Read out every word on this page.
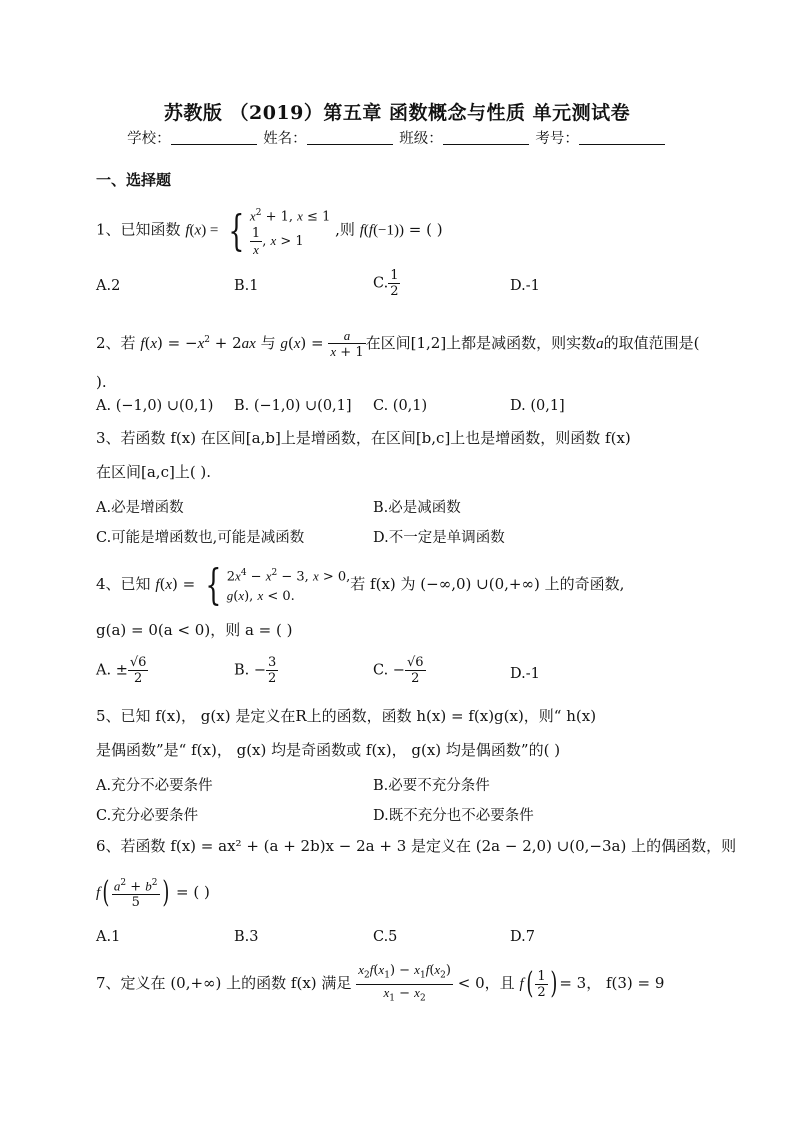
苏教版 （2019）第五章 函数概念与性质 单元测试卷
学校：	姓名：	班级：	考号：
一、选择题
1、已知函数 f(x) = { $x^2 + 1$, x ≤ 1
$\frac{1}{x}$ , x > 1
,则 f(f(−1)) = ( )
A.2	B.1	C. $\frac{1}{2}$	D.-1
2、若 $f(x) = -x^2 + 2ax$ 与 $g(x) = \frac{a}{x + 1}$ 在区间[1,2]上都是减函数，则实数a的取值范围是(
).
A. (−1,0) ∪(0,1) B. (−1,0) ∪(0,1] C. (0,1)	D. (0,1]
3、若函数 f(x) 在区间[a,b]上是增函数，在区间[b,c]上也是增函数，则函数 f(x)
在区间[a,c]上( ).
A.必是增函数	B.必是减函数
C.可能是增函数也,可能是减函数	D.不一定是单调函数
4、已知 f(x) = { $2x^4 - x^2 - 3$, x > 0,
g(x), x < 0.
若 f(x) 为 (−∞,0) ∪(0,+∞) 上的奇函数,
g(a) = 0(a < 0)，则 a = ( )
A. ± $\frac{√6}{2}$	B. − $\frac{3}{2}$	C. − $\frac{√6}{2}$	D.-1
5、已知 f(x)， g(x) 是定义在R上的函数，函数 h(x) = f(x)g(x)，则“ h(x)
是偶函数”是“ f(x)， g(x) 均是奇函数或 f(x)， g(x) 均是偶函数”的( )
A.充分不必要条件	B.必要不充分条件
C.充分必要条件	D.既不充分也不必要条件
6、若函数 f(x) = ax² + (a + 2b)x − 2a + 3 是定义在 (2a − 2,0) ∪(0,−3a) 上的偶函数，则
$f( \frac{a^2 + b^2}{5}$ ) = ( )
A.1	B.3	C.5	D.7
7、定义在 (0,+∞) 上的函数 f(x) 满足 $\frac{x_2f(x_1) - x_1f(x_2)}{x_1 - x_2} < 0$，且 $f( \frac{1}{2}$ ) = 3， f(3) = 9
